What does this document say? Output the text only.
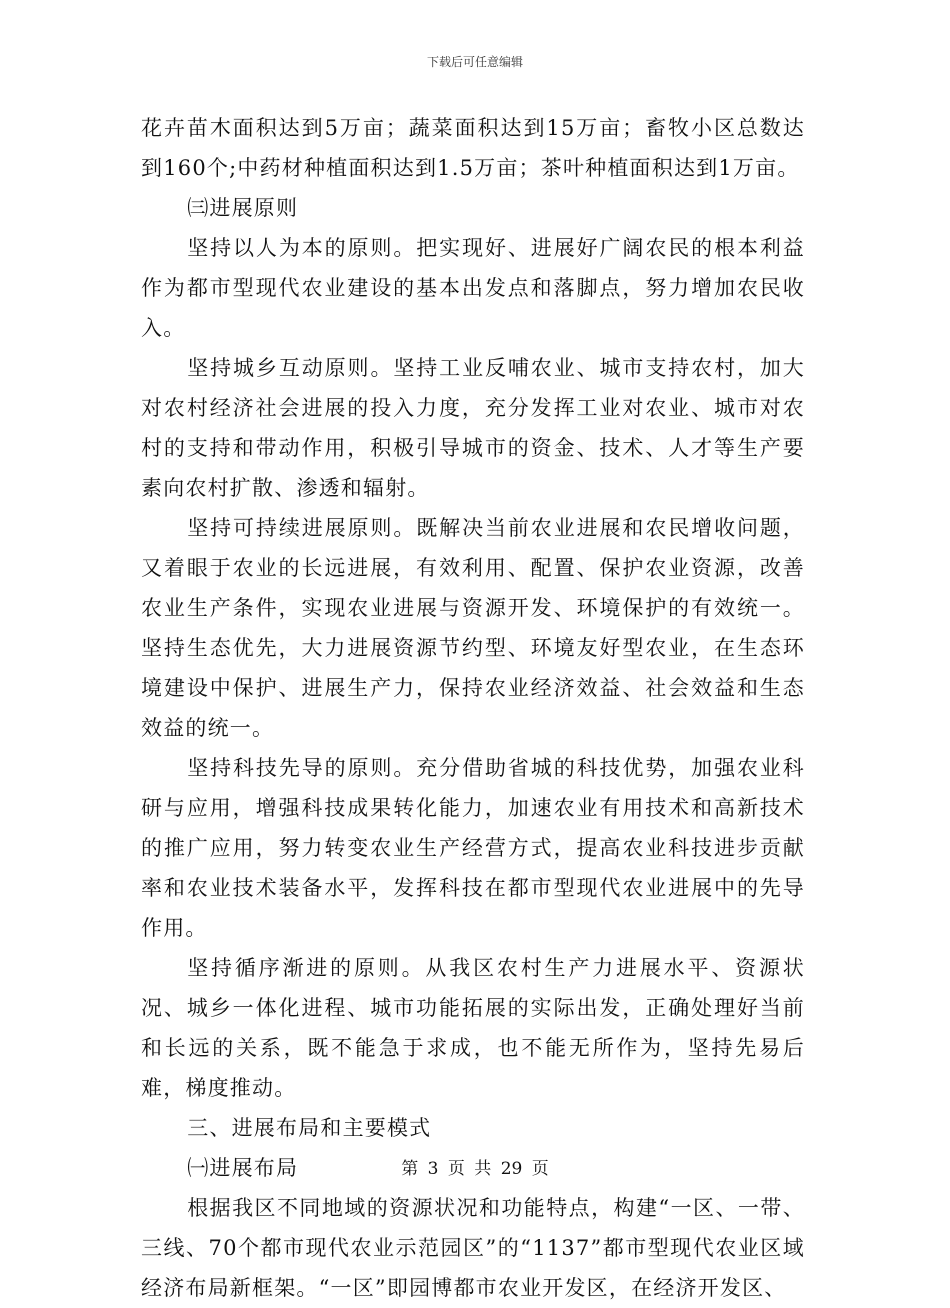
下载后可任意编辑

花卉苗木面积达到5万亩；蔬菜面积达到15万亩；畜牧小区总数达到160个;中药材种植面积达到1.5万亩；茶叶种植面积达到1万亩。

㈢进展原则

坚持以人为本的原则。把实现好、进展好广阔农民的根本利益作为都市型现代农业建设的基本出发点和落脚点，努力增加农民收入。

坚持城乡互动原则。坚持工业反哺农业、城市支持农村，加大对农村经济社会进展的投入力度，充分发挥工业对农业、城市对农村的支持和带动作用，积极引导城市的资金、技术、人才等生产要素向农村扩散、渗透和辐射。

坚持可持续进展原则。既解决当前农业进展和农民增收问题，又着眼于农业的长远进展，有效利用、配置、保护农业资源，改善农业生产条件，实现农业进展与资源开发、环境保护的有效统一。坚持生态优先，大力进展资源节约型、环境友好型农业，在生态环境建设中保护、进展生产力，保持农业经济效益、社会效益和生态效益的统一。

坚持科技先导的原则。充分借助省城的科技优势，加强农业科研与应用，增强科技成果转化能力，加速农业有用技术和高新技术的推广应用，努力转变农业生产经营方式，提高农业科技进步贡献率和农业技术装备水平，发挥科技在都市型现代农业进展中的先导作用。

坚持循序渐进的原则。从我区农村生产力进展水平、资源状况、城乡一体化进程、城市功能拓展的实际出发，正确处理好当前和长远的关系，既不能急于求成，也不能无所作为，坚持先易后难，梯度推动。

三、进展布局和主要模式

㈠进展布局

根据我区不同地域的资源状况和功能特点，构建“一区、一带、三线、70个都市现代农业示范园区”的“1137”都市型现代农业区域经济布局新框架。“一区”即园博都市农业开发区，在经济开发区、

第 3 页 共 29 页
